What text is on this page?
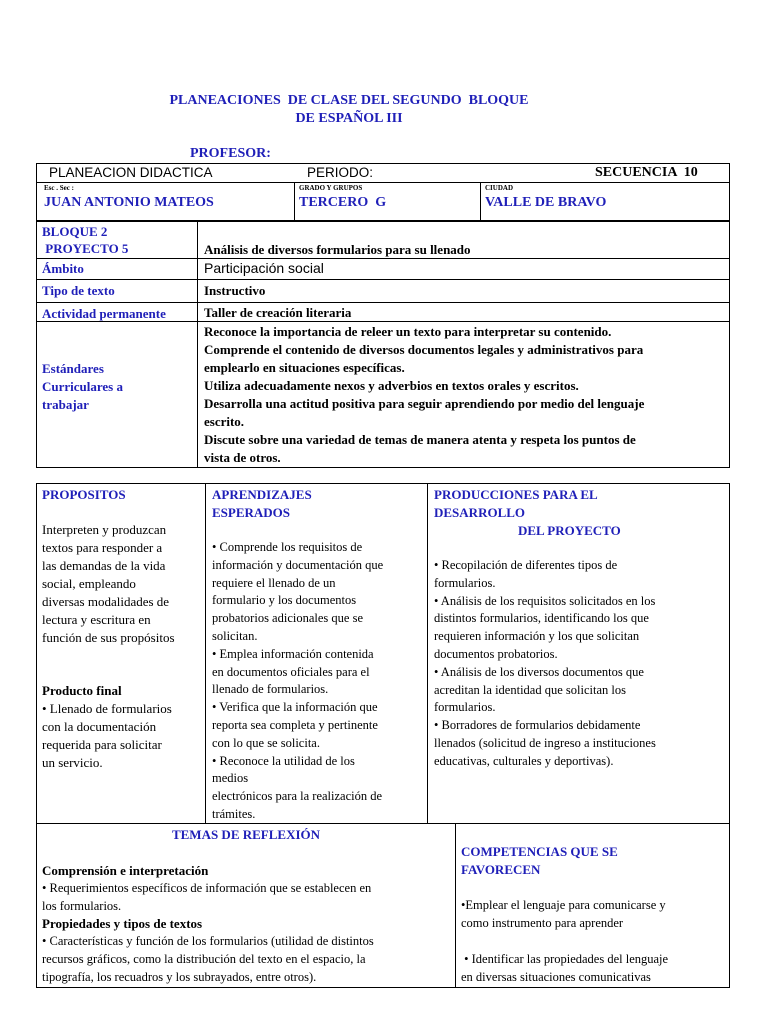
PLANEACIONES  DE CLASE DEL SEGUNDO  BLOQUE
DE ESPAÑOL III
PROFESOR:
PLANEACION DIDACTICA	PERIODO:	SECUENCIA  10
Esc . Sec :
JUAN ANTONIO MATEOS
GRADO Y GRUPOS
TERCERO  G
CIUDAD
VALLE DE BRAVO
BLOQUE 2
PROYECTO 5	Análisis de diversos formularios para su llenado
Ámbito	Participación social
Tipo de texto	Instructivo
Actividad permanente	Taller de creación literaria
Estándares
Curriculares a
trabajar
Reconoce la importancia de releer un texto para interpretar su contenido.
Comprende el contenido de diversos documentos legales y administrativos para
emplearlo en situaciones específicas.
Utiliza adecuadamente nexos y adverbios en textos orales y escritos.
Desarrolla una actitud positiva para seguir aprendiendo por medio del lenguaje
escrito.
Discute sobre una variedad de temas de manera atenta y respeta los puntos de
vista de otros.
PROPOSITOS
Interpreten y produzcan
textos para responder a
las demandas de la vida
social, empleando
diversas modalidades de
lectura y escritura en
función de sus propósitos
Producto final
• Llenado de formularios
con la documentación
requerida para solicitar
un servicio.
APRENDIZAJES
ESPERADOS
• Comprende los requisitos de
información y documentación que
requiere el llenado de un
formulario y los documentos
probatorios adicionales que se
solicitan.
• Emplea información contenida
en documentos oficiales para el
llenado de formularios.
• Verifica que la información que
reporta sea completa y pertinente
con lo que se solicita.
• Reconoce la utilidad de los
medios
electrónicos para la realización de
trámites.
PRODUCCIONES PARA EL
DESARROLLO
DEL PROYECTO
• Recopilación de diferentes tipos de
formularios.
• Análisis de los requisitos solicitados en los
distintos formularios, identificando los que
requieren información y los que solicitan
documentos probatorios.
• Análisis de los diversos documentos que
acreditan la identidad que solicitan los
formularios.
• Borradores de formularios debidamente
llenados (solicitud de ingreso a instituciones
educativas, culturales y deportivas).
TEMAS DE REFLEXIÓN
Comprensión e interpretación
• Requerimientos específicos de información que se establecen en
los formularios.
Propiedades y tipos de textos
• Características y función de los formularios (utilidad de distintos
recursos gráficos, como la distribución del texto en el espacio, la
tipografía, los recuadros y los subrayados, entre otros).
COMPETENCIAS QUE SE
FAVORECEN
•Emplear el lenguaje para comunicarse y
como instrumento para aprender
• Identificar las propiedades del lenguaje
en diversas situaciones comunicativas
